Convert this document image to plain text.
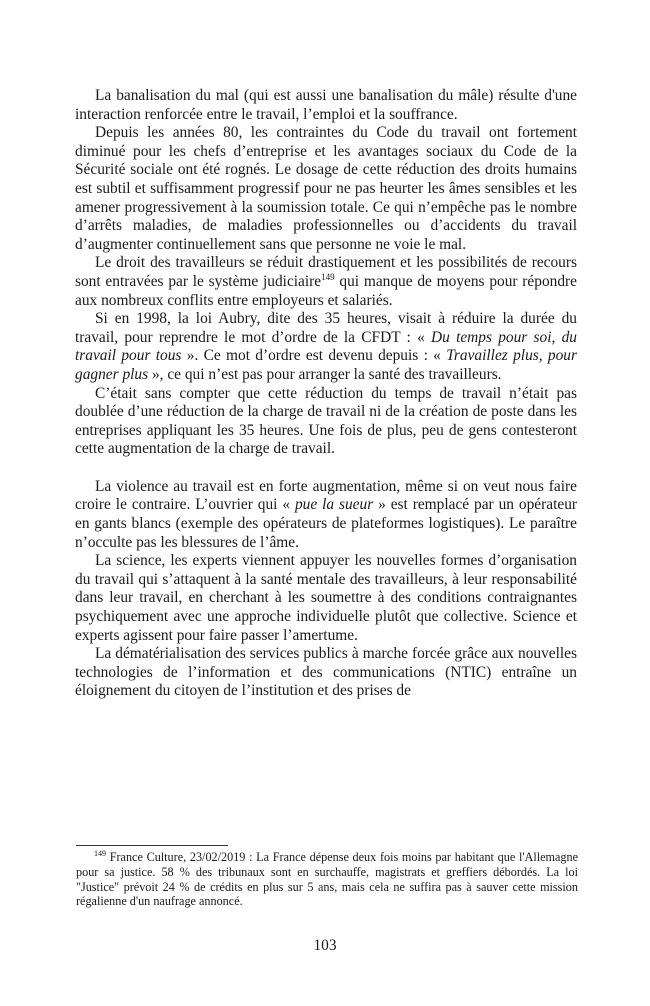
La banalisation du mal (qui est aussi une banalisation du mâle) résulte d'une interaction renforcée entre le travail, l’emploi et la souffrance.

Depuis les années 80, les contraintes du Code du travail ont fortement diminué pour les chefs d’entreprise et les avantages sociaux du Code de la Sécurité sociale ont été rognés. Le dosage de cette réduction des droits humains est subtil et suffisamment progressif pour ne pas heurter les âmes sensibles et les amener progressivement à la soumission totale. Ce qui n’empêche pas le nombre d’arrêts maladies, de maladies professionnelles ou d’accidents du travail d’augmenter continuellement sans que personne ne voie le mal.

Le droit des travailleurs se réduit drastiquement et les possibilités de recours sont entravées par le système judiciaire$^{149}$ qui manque de moyens pour répondre aux nombreux conflits entre employeurs et salariés.

Si en 1998, la loi Aubry, dite des 35 heures, visait à réduire la durée du travail, pour reprendre le mot d’ordre de la CFDT : « Du temps pour soi, du travail pour tous ». Ce mot d’ordre est devenu depuis : « Travaillez plus, pour gagner plus », ce qui n’est pas pour arranger la santé des travailleurs.

C’était sans compter que cette réduction du temps de travail n’était pas doublée d’une réduction de la charge de travail ni de la création de poste dans les entreprises appliquant les 35 heures. Une fois de plus, peu de gens contesteront cette augmentation de la charge de travail.

La violence au travail est en forte augmentation, même si on veut nous faire croire le contraire. L’ouvrier qui « pue la sueur » est remplacé par un opérateur en gants blancs (exemple des opérateurs de plateformes logistiques). Le paraître n’occulte pas les blessures de l’âme.

La science, les experts viennent appuyer les nouvelles formes d’organisation du travail qui s’attaquent à la santé mentale des travailleurs, à leur responsabilité dans leur travail, en cherchant à les soumettre à des conditions contraignantes psychiquement avec une approche individuelle plutôt que collective. Science et experts agissent pour faire passer l’amertume.

La dématérialisation des services publics à marche forcée grâce aux nouvelles technologies de l’information et des communications (NTIC) entraîne un éloignement du citoyen de l’institution et des prises de

$^{149}$ France Culture, 23/02/2019 : La France dépense deux fois moins par habitant que l'Allemagne pour sa justice. 58 % des tribunaux sont en surchauffe, magistrats et greffiers débordés. La loi "Justice" prévoit 24 % de crédits en plus sur 5 ans, mais cela ne suffira pas à sauver cette mission régalienne d'un naufrage annoncé.
103
